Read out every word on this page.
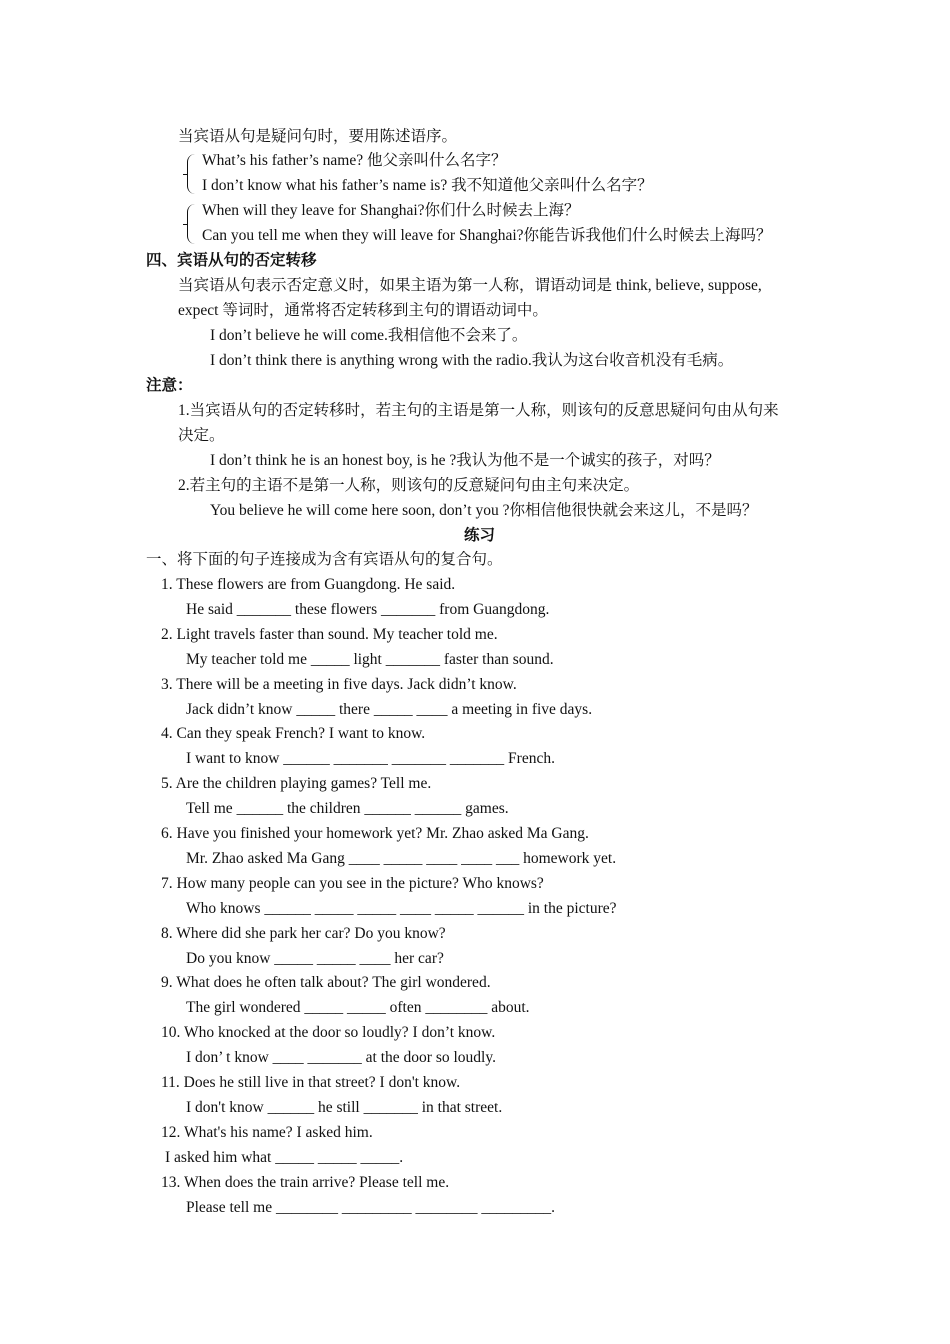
当宾语从句是疑问句时，要用陈述语序。
What’s his father’s name? 他父亲叫什么名字？
I don’t know what his father’s name is? 我不知道他父亲叫什么名字？
When will they leave for Shanghai?你们什么时候去上海？
Can you tell me when they will leave for Shanghai?你能告诉我他们什么时候去上海吗？
四、宾语从句的否定转移
当宾语从句表示否定意义时，如果主语为第一人称，谓语动词是 think, believe, suppose,
expect 等词时，通常将否定转移到主句的谓语动词中。
I don’t believe he will come.我相信他不会来了。
I don’t think there is anything wrong with the radio.我认为这台收音机没有毛病。
注意：
1.当宾语从句的否定转移时，若主句的主语是第一人称，则该句的反意思疑问句由从句来
决定。
I don’t think he is an honest boy, is he ?我认为他不是一个诚实的孩子，对吗？
2.若主句的主语不是第一人称，则该句的反意疑问句由主句来决定。
You believe he will come here soon, don’t you ?你相信他很快就会来这儿，不是吗？
练习
一、将下面的句子连接成为含有宾语从句的复合句。
1. These flowers are from Guangdong. He said.
He said _______ these flowers _______ from Guangdong.
2. Light travels faster than sound. My teacher told me.
My teacher told me _____ light _______ faster than sound.
3. There will be a meeting in five days. Jack didn’t know.
Jack didn’t know _____ there _____ ____ a meeting in five days.
4. Can they speak French? I want to know.
I want to know ______ _______ _______ _______ French.
5. Are the children playing games? Tell me.
Tell me ______ the children ______ ______ games.
6. Have you finished your homework yet? Mr. Zhao asked Ma Gang.
Mr. Zhao asked Ma Gang ____ _____ ____ ____ ___ homework yet.
7. How many people can you see in the picture? Who knows?
Who knows ______ _____ _____ ____ _____ ______ in the picture?
8. Where did she park her car? Do you know?
Do you know _____ _____ ____ her car?
9. What does he often talk about? The girl wondered.
The girl wondered _____ _____ often ________ about.
10. Who knocked at the door so loudly? I don’t know.
I don’ t know ____ _______ at the door so loudly.
11. Does he still live in that street? I don't know.
I don't know ______ he still _______ in that street.
12. What's his name? I asked him.
I asked him what _____ _____ _____.
13. When does the train arrive? Please tell me.
Please tell me ________ _________ ________ _________.
